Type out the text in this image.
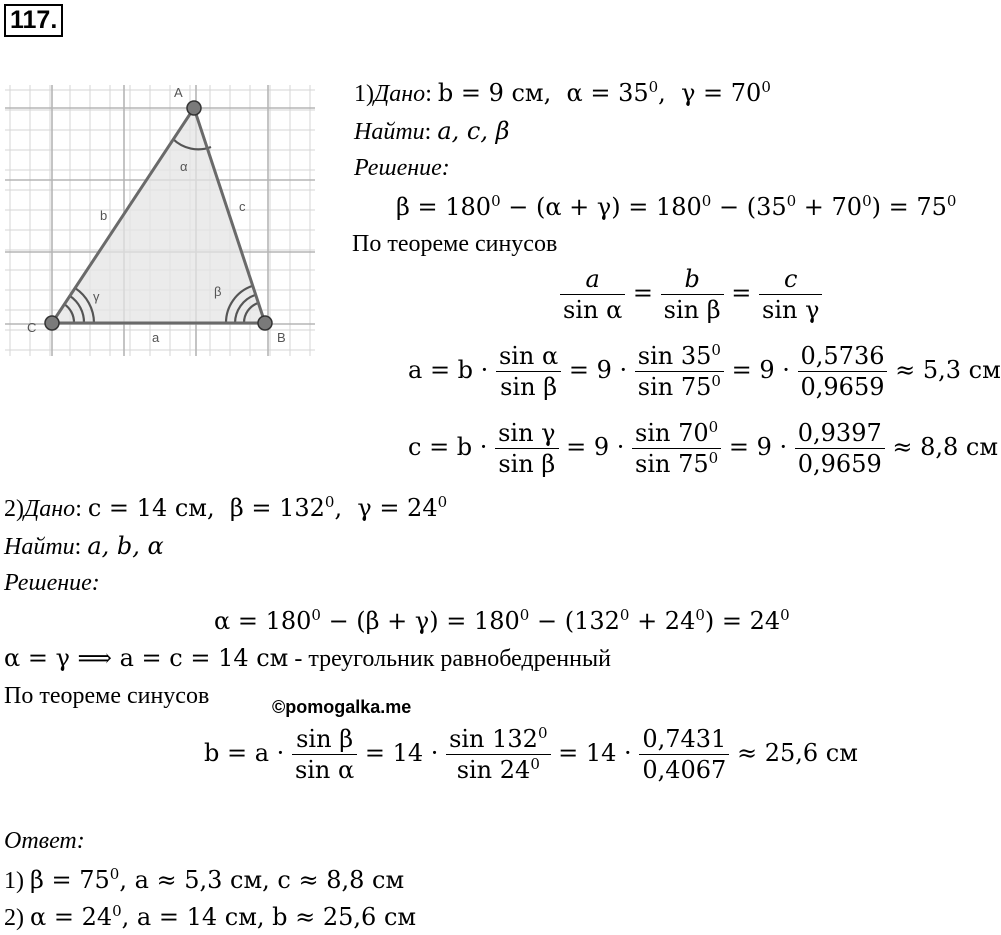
117.
A
B
C
a
b
c
α
β
γ
1)Дано: b = 9 см,  $\alpha = 35^0$,  $\gamma = 70^0$
Найти: a, c, β
Решение:
$\beta = 180^0 - (\alpha + \gamma) = 180^0 - (35^0 + 70^0) = 75^0$
По теореме синусов
$\frac{a}{\text{sin α}} = \frac{b}{\text{sin β}} = \frac{c}{\text{sin γ}}$
$a = b \cdot \frac{\text{sin α}}{\text{sin β}} = 9 \cdot \frac{\sin 35^0}{\sin 75^0} = 9 \cdot \frac{0,5736}{0,9659} \approx 5,3$ см
$c = b \cdot \frac{\text{sin γ}}{\text{sin β}} = 9 \cdot \frac{\sin 70^0}{\sin 75^0} = 9 \cdot \frac{0,9397}{0,9659} \approx 8,8$ см
2)Дано: c = 14 см,  $\beta = 132^0$,  $\gamma = 24^0$
Найти: a, b, α
Решение:
$\alpha = 180^0 - (\beta + \gamma) = 180^0 - (132^0 + 24^0) = 24^0$
α = γ ⟹ a = c = 14 см - треугольник равнобедренный
По теореме синусов	©pomogalka.me
$b = a \cdot \frac{\text{sin β}}{\text{sin α}} = 14 \cdot \frac{\sin 132^0}{\sin 24^0} = 14 \cdot \frac{0,7431}{0,4067} \approx 25,6$ см
Ответ:
1) $\beta = 75^0$, a ≈ 5,3 см, c ≈ 8,8 см
2) $\alpha = 24^0$, a = 14 см, b ≈ 25,6 см
